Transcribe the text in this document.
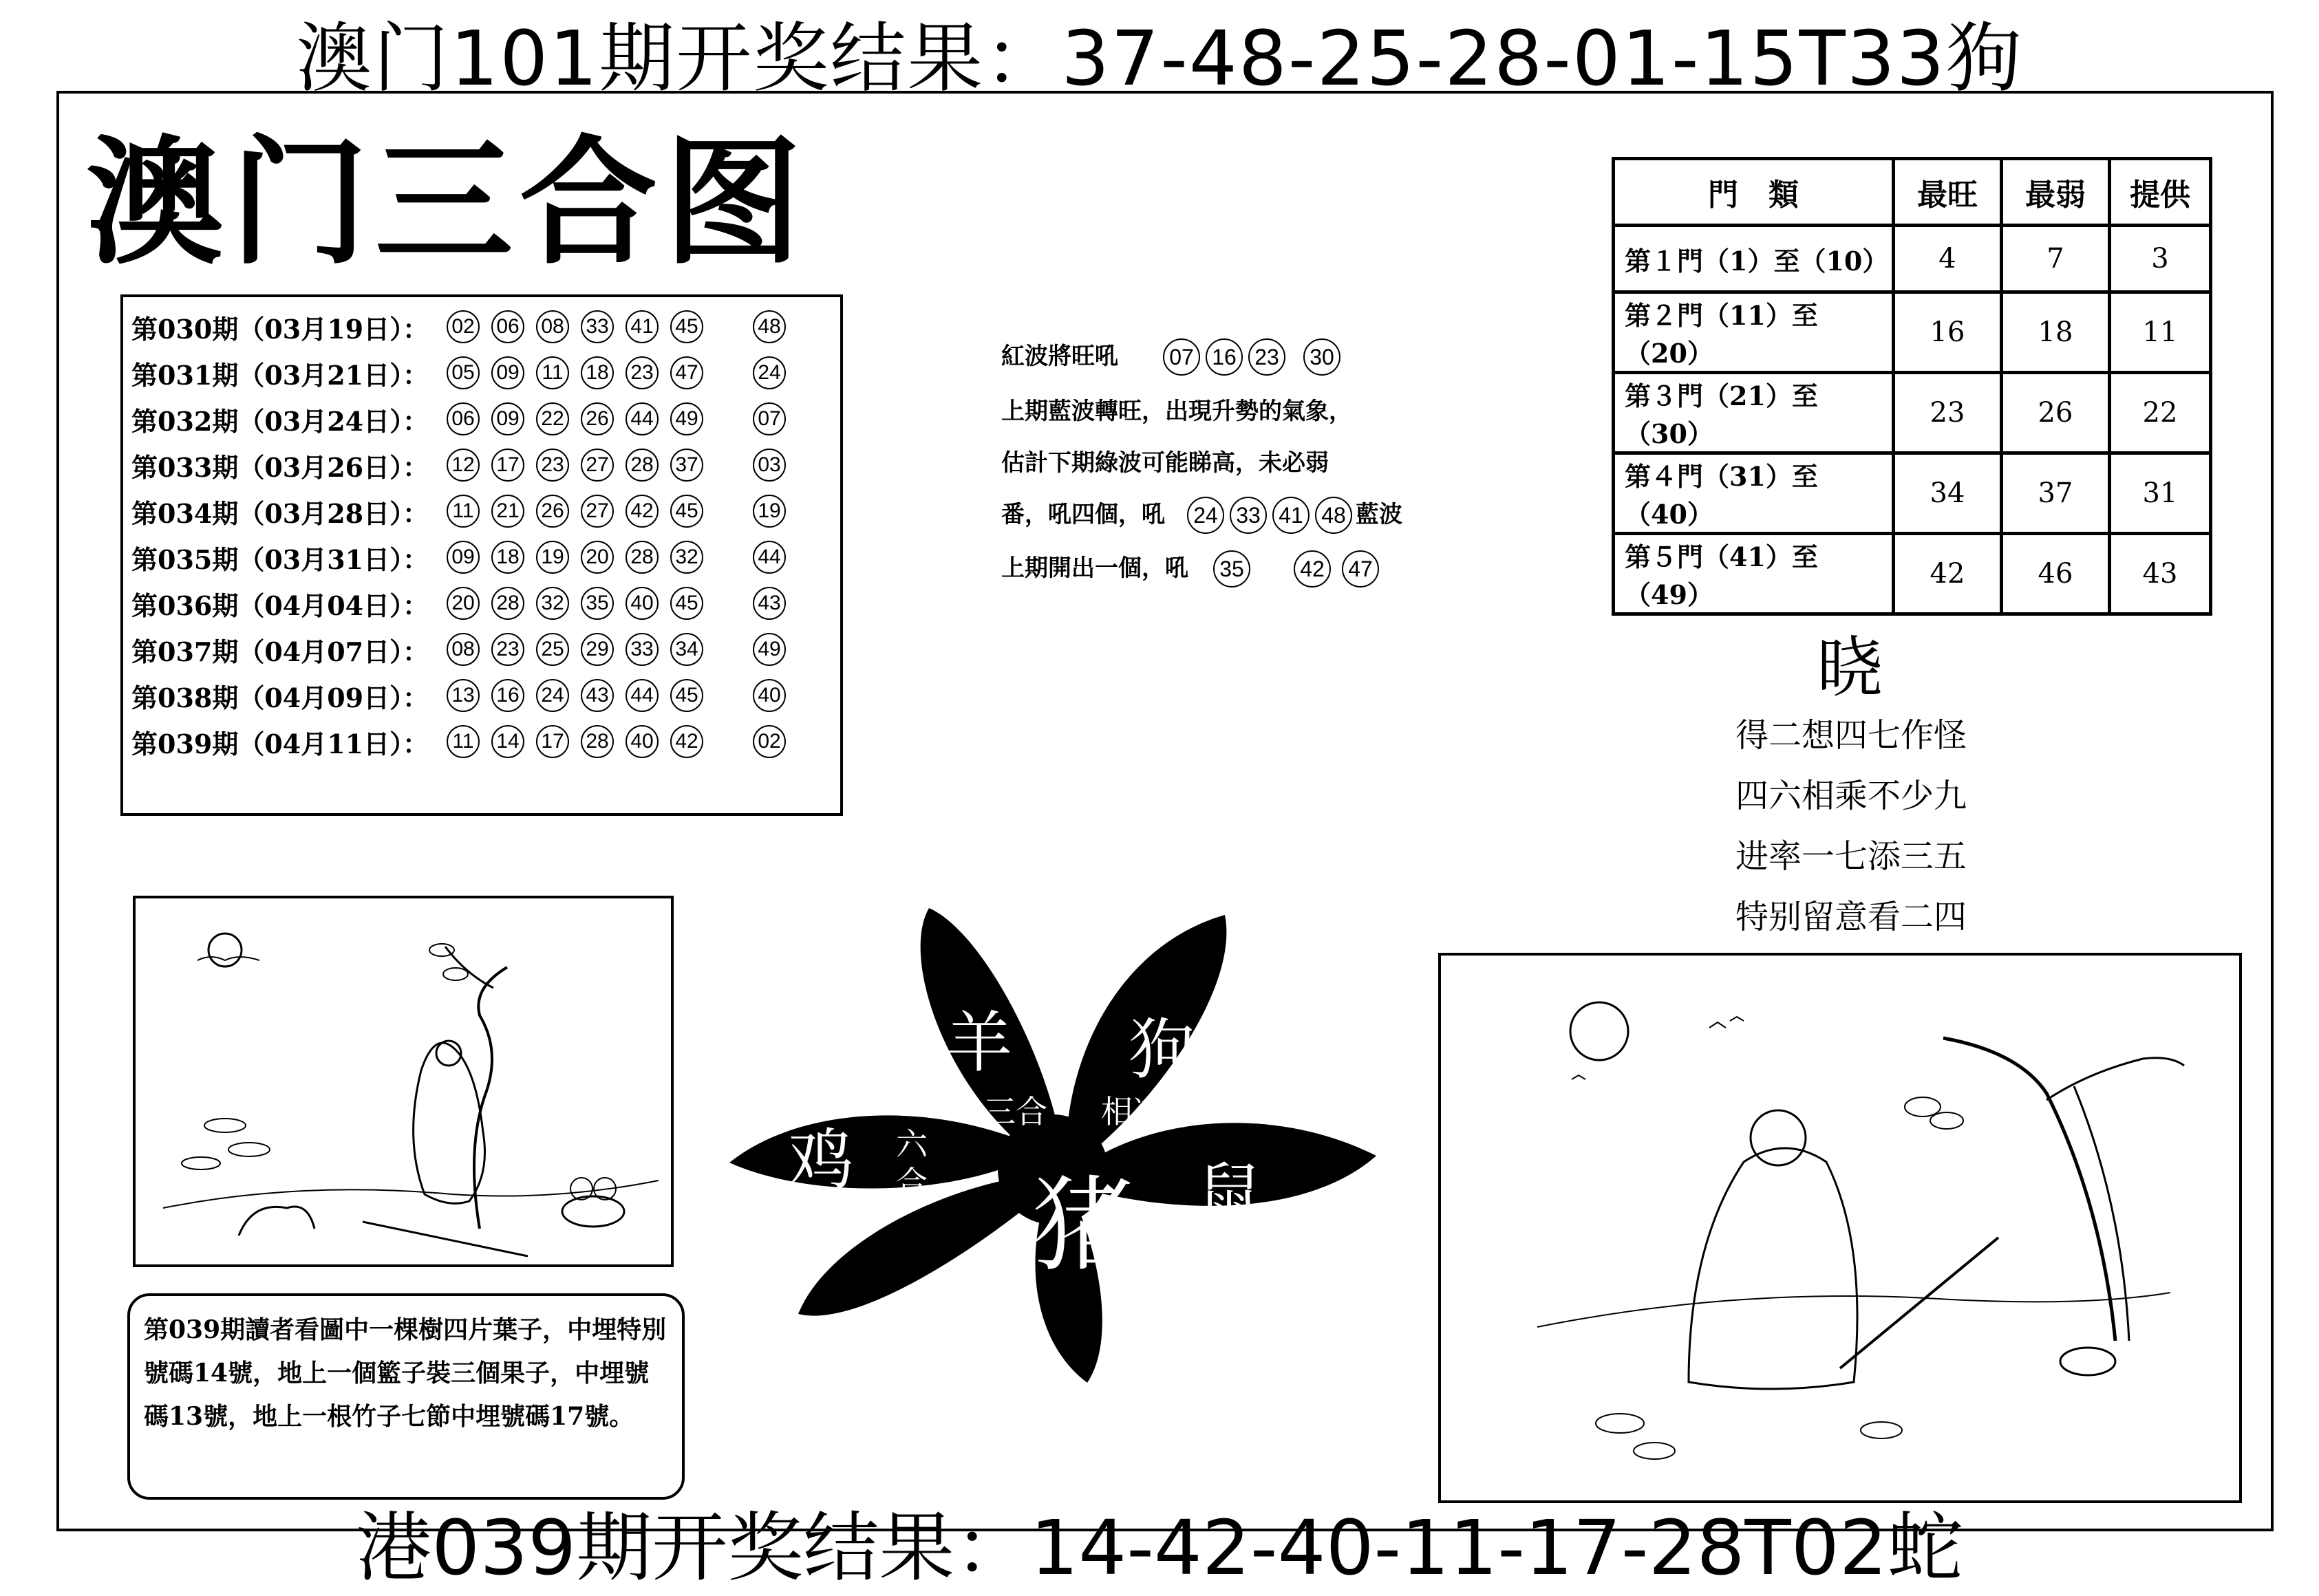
澳门101期开奖结果：37-48-25-28-01-15T33狗
澳门三合图
第030期（03月19日）： 02 06 08 33 41 45	48
第031期（03月21日）： 05 09 11 18 23 47	24
第032期（03月24日）： 06 09 22 26 44 49	07
第033期（03月26日）： 12 17 23 27 28 37	03
第034期（03月28日）： 11 21 26 27 42 45	19
第035期（03月31日）： 09 18 19 20 28 32	44
第036期（04月04日）： 20 28 32 35 40 45	43
第037期（04月07日）： 08 23 25 29 33 34	49
第038期（04月09日）： 13 16 24 43 44 45	40
第039期（04月11日）： 11 14 17 28 40 42	02
紅波將旺吼
上期藍波轉旺，出現升勢的氣象，
估計下期綠波可能睇高，未必弱
番，吼四個，吼
上期開出一個，吼
07 16 23 30
24 33 41 48
35	42 47
藍波
門　類	最旺	最弱	提供
第１門（1）至（10）	4	7	3
第２門（11）至（20）	16	18	11
第３門（21）至（30）	23	26	22
第４門（31）至（40）	34	37	31
第５門（41）至（49）	42	46	43
晓
得二想四七作怪
四六相乘不少九
进率一七添三五
特别留意看二四
羊 狗
鸡
猪 鼠
三合 相冲
六合
第039期讀者看圖中一棵樹四片葉子，中埋特別號碼14號，地上一個籃子裝三個果子，中埋號碼13號，地上一根竹子七節中埋號碼17號。
港039期开奖结果：14-42-40-11-17-28T02蛇
